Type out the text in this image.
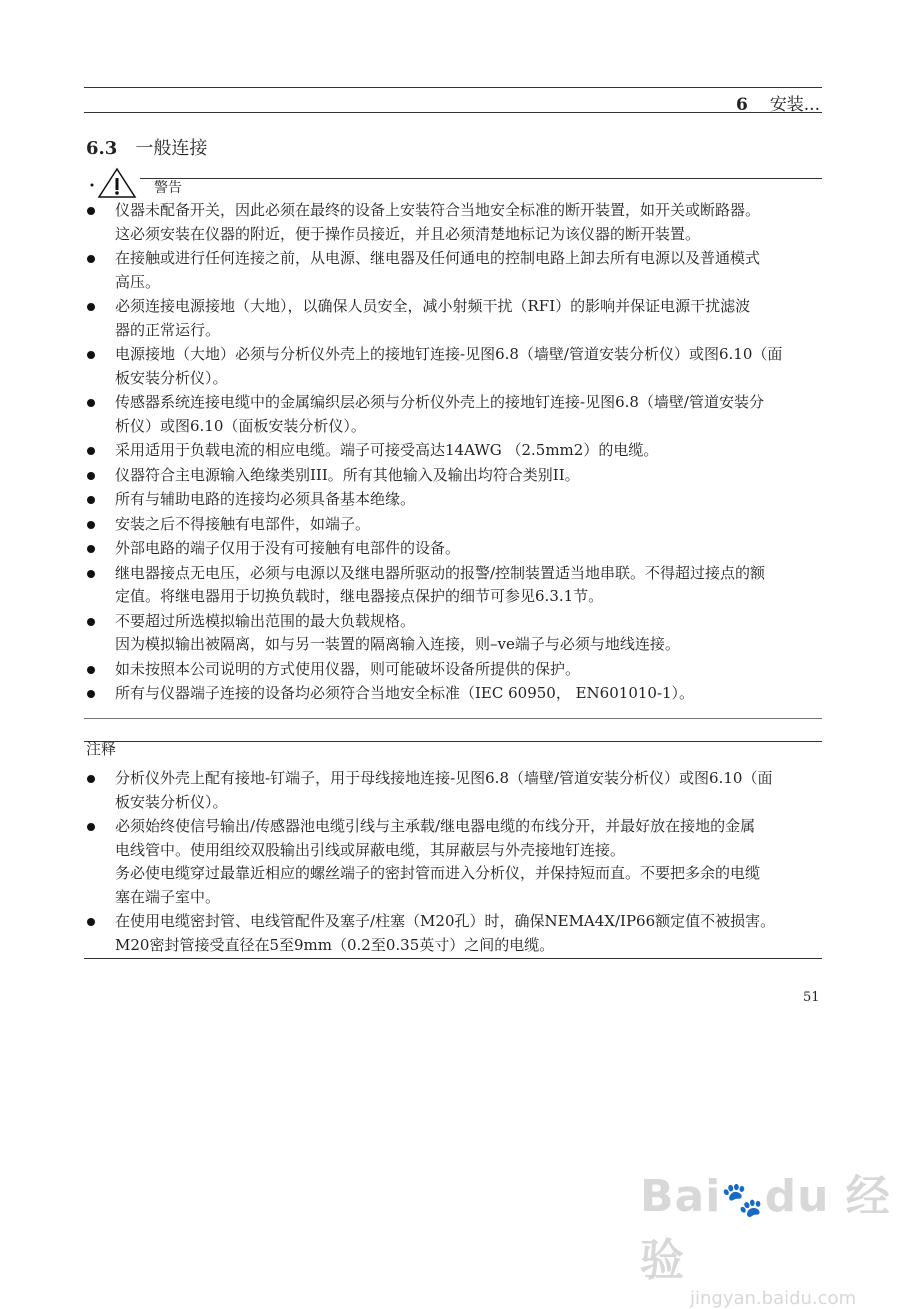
6 安装...
6.3 一般连接
警告
仪器未配备开关，因此必须在最终的设备上安装符合当地安全标准的断开装置，如开关或断路器。
这必须安装在仪器的附近，便于操作员接近，并且必须清楚地标记为该仪器的断开装置。
在接触或进行任何连接之前，从电源、继电器及任何通电的控制电路上卸去所有电源以及普通模式
高压。
必须连接电源接地（大地），以确保人员安全，减小射频干扰（RFI）的影响并保证电源干扰滤波
器的正常运行。
电源接地（大地）必须与分析仪外壳上的接地钉连接-见图6.8（墙壁/管道安装分析仪）或图6.10（面
板安装分析仪）。
传感器系统连接电缆中的金属编织层必须与分析仪外壳上的接地钉连接-见图6.8（墙壁/管道安装分
析仪）或图6.10（面板安装分析仪）。
采用适用于负载电流的相应电缆。端子可接受高达14AWG （2.5mm2）的电缆。
仪器符合主电源输入绝缘类别III。所有其他输入及输出均符合类别II。
所有与辅助电路的连接均必须具备基本绝缘。
安装之后不得接触有电部件，如端子。
外部电路的端子仅用于没有可接触有电部件的设备。
继电器接点无电压，必须与电源以及继电器所驱动的报警/控制装置适当地串联。不得超过接点的额
定值。将继电器用于切换负载时，继电器接点保护的细节可参见6.3.1节。
不要超过所选模拟输出范围的最大负载规格。
因为模拟输出被隔离，如与另一装置的隔离输入连接，则–ve端子与必须与地线连接。
如未按照本公司说明的方式使用仪器，则可能破坏设备所提供的保护。
所有与仪器端子连接的设备均必须符合当地安全标准（IEC 60950， EN601010-1）。
注释
分析仪外壳上配有接地-钉端子，用于母线接地连接-见图6.8（墙壁/管道安装分析仪）或图6.10（面
板安装分析仪）。
必须始终使信号输出/传感器池电缆引线与主承载/继电器电缆的布线分开，并最好放在接地的金属
电线管中。使用组绞双股输出引线或屏蔽电缆，其屏蔽层与外壳接地钉连接。
务必使电缆穿过最靠近相应的螺丝端子的密封管而进入分析仪，并保持短而直。不要把多余的电缆
塞在端子室中。
在使用电缆密封管、电线管配件及塞子/柱塞（M20孔）时，确保NEMA4X/IP66额定值不被损害。
M20密封管接受直径在5至9mm（0.2至0.35英寸）之间的电缆。
51
Bai🐾du 经验
jingyan.baidu.com
